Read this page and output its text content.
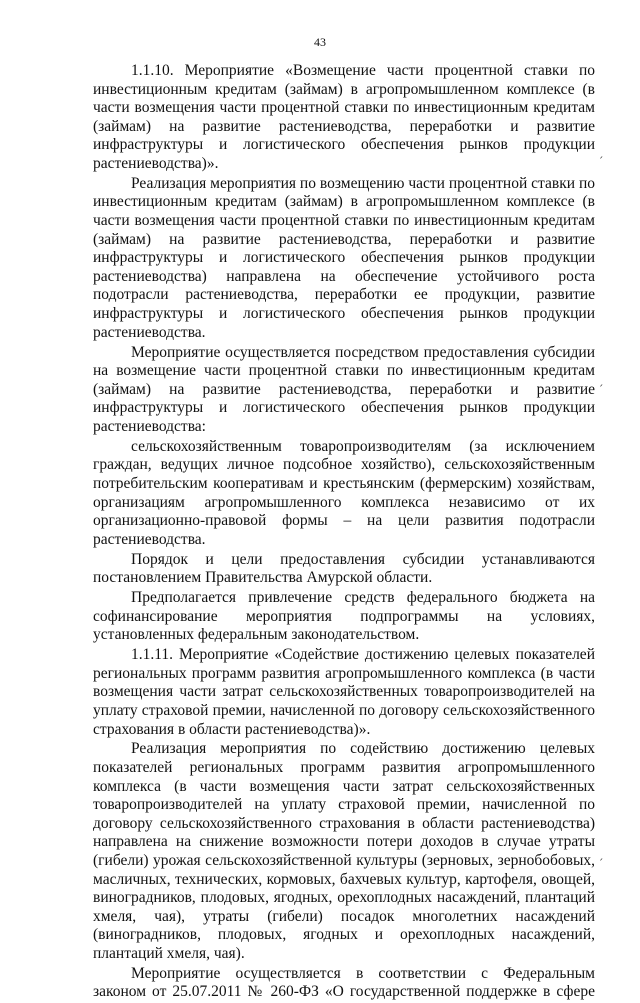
43

1.1.10. Мероприятие «Возмещение части процентной ставки по инвестиционным кредитам (займам) в агропромышленном комплексе (в части возмещения части процентной ставки по инвестиционным кредитам (займам) на развитие растениеводства, переработки и развитие инфраструктуры и логистического обеспечения рынков продукции растениеводства)».

Реализация мероприятия по возмещению части процентной ставки по инвестиционным кредитам (займам) в агропромышленном комплексе (в части возмещения части процентной ставки по инвестиционным кредитам (займам) на развитие растениеводства, переработки и развитие инфраструктуры и логистического обеспечения рынков продукции растениеводства) направлена на обеспечение устойчивого роста подотрасли растениеводства, переработки ее продукции, развитие инфраструктуры и логистического обеспечения рынков продукции растениеводства.

Мероприятие осуществляется посредством предоставления субсидии на возмещение части процентной ставки по инвестиционным кредитам (займам) на развитие растениеводства, переработки и развитие инфраструктуры и логистического обеспечения рынков продукции растениеводства:

сельскохозяйственным товаропроизводителям (за исключением граждан, ведущих личное подсобное хозяйство), сельскохозяйственным потребительским кооперативам и крестьянским (фермерским) хозяйствам, организациям агропромышленного комплекса независимо от их организационно-правовой формы – на цели развития подотрасли растениеводства.

Порядок и цели предоставления субсидии устанавливаются постановлением Правительства Амурской области.

Предполагается привлечение средств федерального бюджета на софинансирование мероприятия подпрограммы на условиях, установленных федеральным законодательством.

1.1.11. Мероприятие «Содействие достижению целевых показателей региональных программ развития агропромышленного комплекса (в части возмещения части затрат сельскохозяйственных товаропроизводителей на уплату страховой премии, начисленной по договору сельскохозяйственного страхования в области растениеводства)».

Реализация мероприятия по содействию достижению целевых показателей региональных программ развития агропромышленного комплекса (в части возмещения части затрат сельскохозяйственных товаропроизводителей на уплату страховой премии, начисленной по договору сельскохозяйственного страхования в области растениеводства) направлена на снижение возможности потери доходов в случае утраты (гибели) урожая сельскохозяйственной культуры (зерновых, зернобобовых, масличных, технических, кормовых, бахчевых культур, картофеля, овощей, виноградников, плодовых, ягодных, орехоплодных насаждений, плантаций хмеля, чая), утраты (гибели) посадок многолетних насаждений (виноградников, плодовых, ягодных и орехоплодных насаждений, плантаций хмеля, чая).

Мероприятие осуществляется в соответствии с Федеральным законом от 25.07.2011 № 260-ФЗ «О государственной поддержке в сфере

ˏ
ˏ
ˏ
